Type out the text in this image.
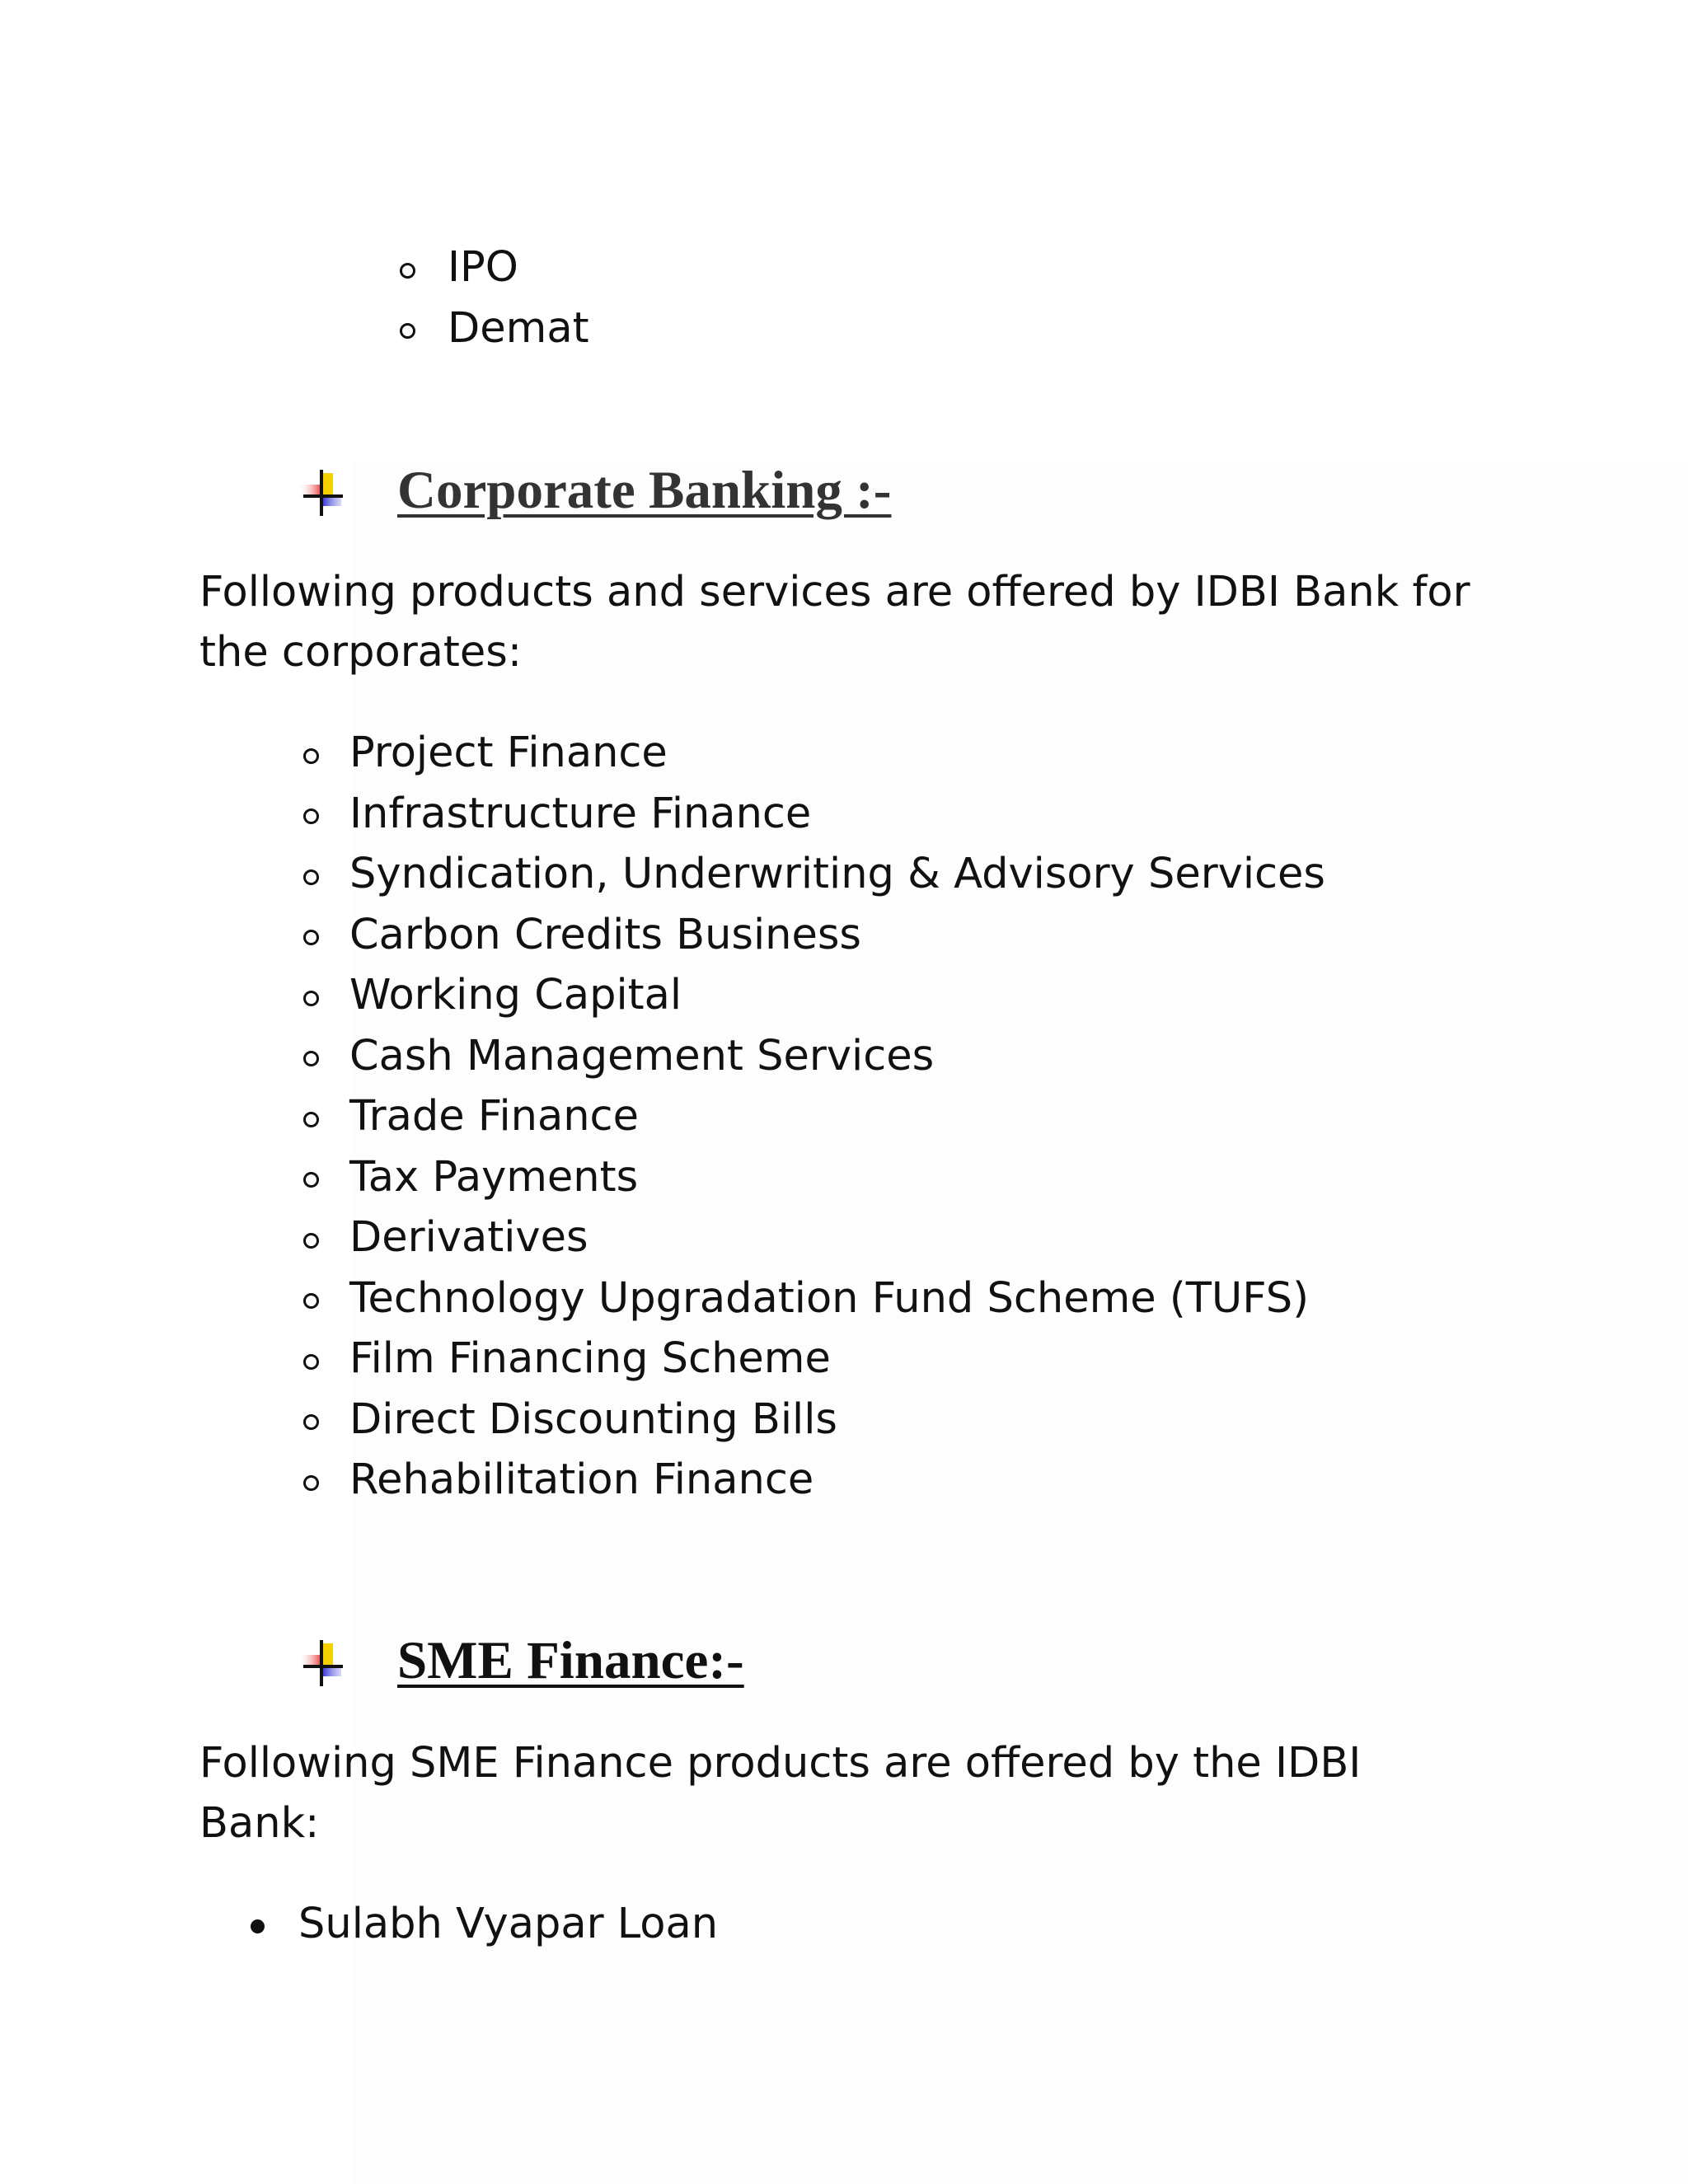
IPO
Demat
Corporate Banking :-

Following products and services are offered by IDBI Bank for
the corporates:

Project Finance
Infrastructure Finance
Syndication, Underwriting & Advisory Services
Carbon Credits Business
Working Capital
Cash Management Services
Trade Finance
Tax Payments
Derivatives
Technology Upgradation Fund Scheme (TUFS)
Film Financing Scheme
Direct Discounting Bills
Rehabilitation Finance
SME Finance:-

Following SME Finance products are offered by the IDBI
Bank:

Sulabh Vyapar Loan
